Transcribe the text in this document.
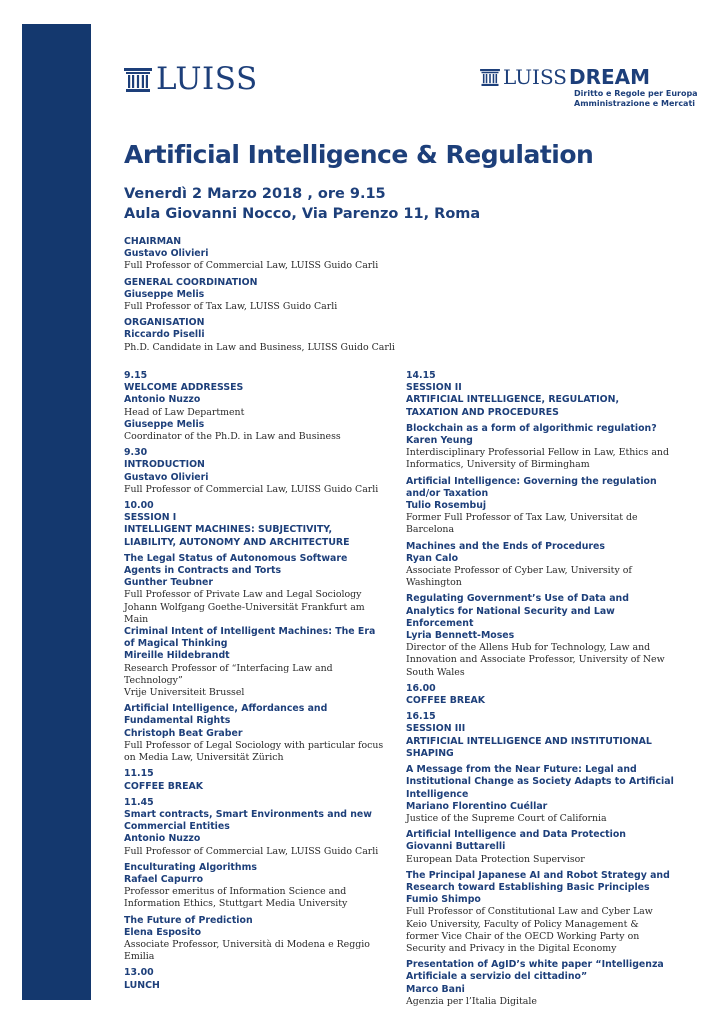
LUISS	LUISS DREAM
Diritto e Regole per Europa
Amministrazione e Mercati
Artificial Intelligence & Regulation
Venerdì 2 Marzo 2018 , ore 9.15
Aula Giovanni Nocco, Via Parenzo 11, Roma
CHAIRMAN
Gustavo Olivieri
Full Professor of Commercial Law, LUISS Guido Carli
GENERAL COORDINATION
Giuseppe Melis
Full Professor of Tax Law, LUISS Guido Carli
ORGANISATION
Riccardo Piselli
Ph.D. Candidate in Law and Business, LUISS Guido Carli
9.15
WELCOME ADDRESSES
Antonio Nuzzo
Head of Law Department
Giuseppe Melis
Coordinator of the Ph.D. in Law and Business
9.30
INTRODUCTION
Gustavo Olivieri
Full Professor of Commercial Law, LUISS Guido Carli
10.00
SESSION I
INTELLIGENT MACHINES: SUBJECTIVITY, LIABILITY, AUTONOMY AND ARCHITECTURE
The Legal Status of Autonomous Software Agents in Contracts and Torts
Gunther Teubner
Full Professor of Private Law and Legal Sociology
Johann Wolfgang Goethe-Universität Frankfurt am Main
Criminal Intent of Intelligent Machines: The Era of Magical Thinking
Mireille Hildebrandt
Research Professor of “Interfacing Law and Technology”
Vrije Universiteit Brussel
Artificial Intelligence, Affordances and Fundamental Rights
Christoph Beat Graber
Full Professor of Legal Sociology with particular focus on Media Law, Universität Zürich
11.15
COFFEE BREAK
11.45
Smart contracts, Smart Environments and new Commercial Entities
Antonio Nuzzo
Full Professor of Commercial Law, LUISS Guido Carli
Enculturating Algorithms
Rafael Capurro
Professor emeritus of Information Science and Information Ethics, Stuttgart Media University
The Future of Prediction
Elena Esposito
Associate Professor, Università di Modena e Reggio Emilia
13.00
LUNCH
14.15
SESSION II
ARTIFICIAL INTELLIGENCE, REGULATION, TAXATION AND PROCEDURES
Blockchain as a form of algorithmic regulation?
Karen Yeung
Interdisciplinary Professorial Fellow in Law, Ethics and Informatics, University of Birmingham
Artificial Intelligence: Governing the regulation and/or Taxation
Tulio Rosembuj
Former Full Professor of Tax Law, Universitat de Barcelona
Machines and the Ends of Procedures
Ryan Calo
Associate Professor of Cyber Law, University of Washington
Regulating Government’s Use of Data and Analytics for National Security and Law Enforcement
Lyria Bennett-Moses
Director of the Allens Hub for Technology, Law and Innovation and Associate Professor, University of New South Wales
16.00
COFFEE BREAK
16.15
SESSION III
ARTIFICIAL INTELLIGENCE AND INSTITUTIONAL SHAPING
A Message from the Near Future: Legal and Institutional Change as Society Adapts to Artificial Intelligence
Mariano Florentino Cuéllar
Justice of the Supreme Court of California
Artificial Intelligence and Data Protection
Giovanni Buttarelli
European Data Protection Supervisor
The Principal Japanese AI and Robot Strategy and Research toward Establishing Basic Principles
Fumio Shimpo
Full Professor of Constitutional Law and Cyber Law Keio University, Faculty of Policy Management & former Vice Chair of the OECD Working Party on Security and Privacy in the Digital Economy
Presentation of AgID’s white paper “Intelligenza Artificiale a servizio del cittadino”
Marco Bani
Agenzia per l’Italia Digitale
